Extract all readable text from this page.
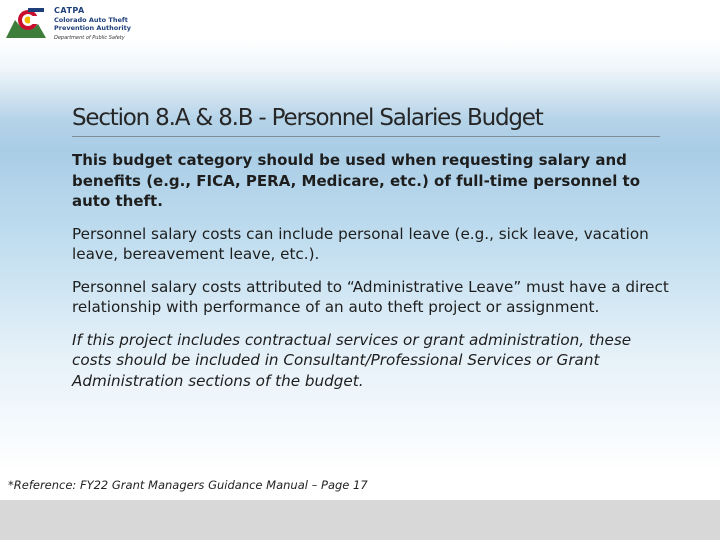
CATPA
Colorado Auto Theft
Prevention Authority
Department of Public Safety
Section 8.A & 8.B - Personnel Salaries Budget

This budget category should be used when requesting salary and benefits (e.g., FICA, PERA, Medicare, etc.) of full-time personnel to auto theft.

Personnel salary costs can include personal leave (e.g., sick leave, vacation leave, bereavement leave, etc.).

Personnel salary costs attributed to “Administrative Leave” must have a direct relationship with performance of an auto theft project or assignment.

If this project includes contractual services or grant administration, these costs should be included in Consultant/Professional Services or Grant Administration sections of the budget.

*Reference: FY22 Grant Managers Guidance Manual – Page 17
